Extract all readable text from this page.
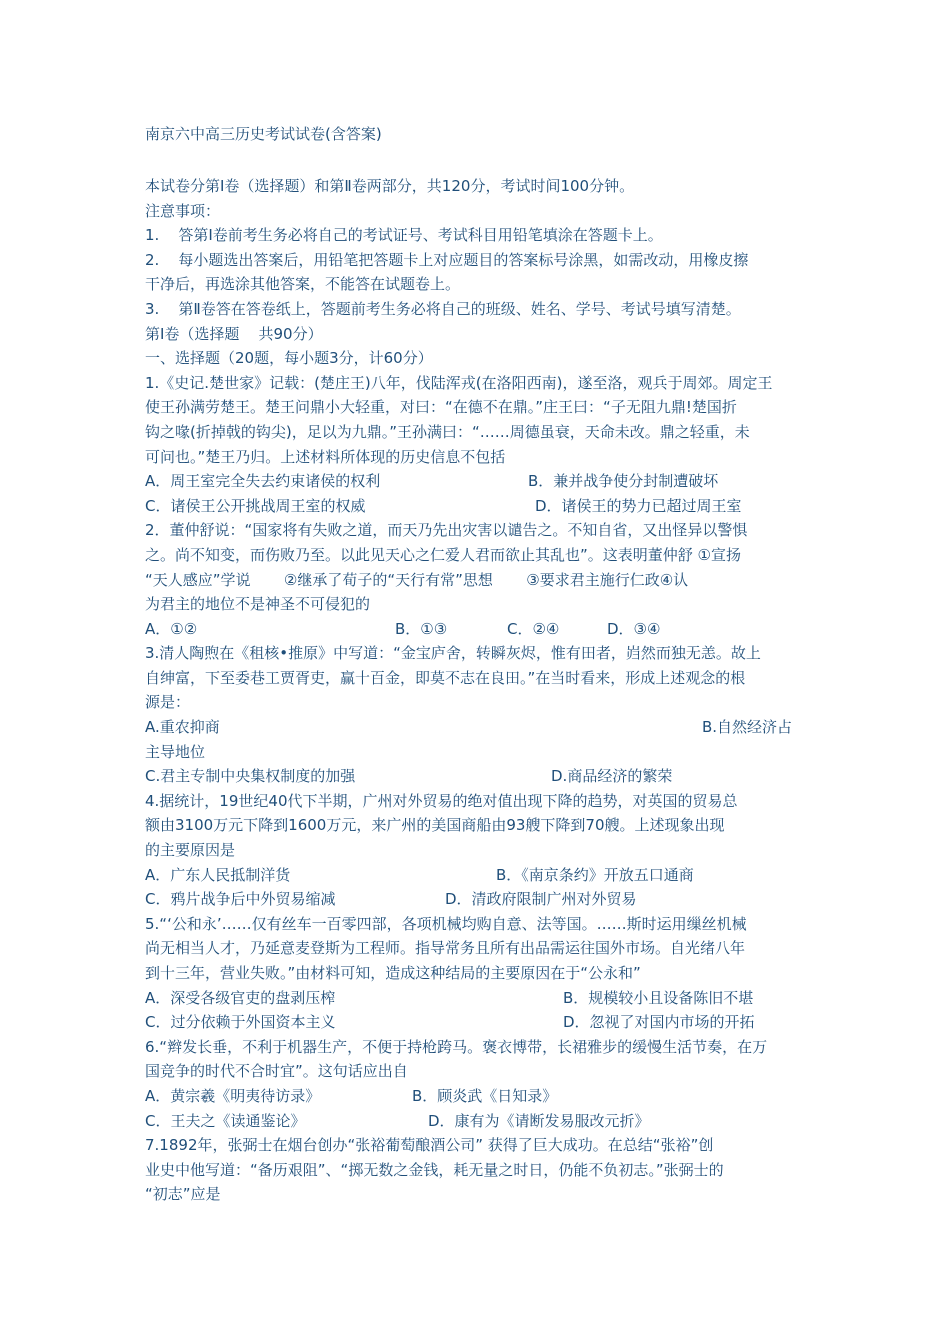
南京六中高三历史考试试卷(含答案)
本试卷分第Ⅰ卷（选择题）和第Ⅱ卷两部分，共120分，考试时间100分钟。
注意事项：
1.    答第Ⅰ卷前考生务必将自己的考试证号、考试科目用铅笔填涂在答题卡上。
2.    每小题选出答案后，用铅笔把答题卡上对应题目的答案标号涂黑，如需改动，用橡皮擦
干净后，再选涂其他答案，不能答在试题卷上。
3.    第Ⅱ卷答在答卷纸上，答题前考生务必将自己的班级、姓名、学号、考试号填写清楚。
第Ⅰ卷（选择题    共90分）
一、选择题（20题，每小题3分，计60分）
1.《史记.楚世家》记载：(楚庄王)八年，伐陆浑戎(在洛阳西南)，遂至洛，观兵于周郊。周定王
使王孙满劳楚王。楚王问鼎小大轻重，对曰：“在德不在鼎。”庄王曰：“子无阻九鼎!楚国折
钩之喙(折掉戟的钩尖)，足以为九鼎。”王孙满曰：“……周德虽衰，天命未改。鼎之轻重，未
可问也。”楚王乃归。上述材料所体现的历史信息不包括
A．周王室完全失去约束诸侯的权利	B．兼并战争使分封制遭破坏
C．诸侯王公开挑战周王室的权威	D．诸侯王的势力已超过周王室
2．董仲舒说：“国家将有失败之道，而天乃先出灾害以谴告之。不知自省，又出怪异以警惧
之。尚不知变，而伤败乃至。以此见天心之仁爱人君而欲止其乱也”。这表明董仲舒 ①宣扬
“天人感应”学说       ②继承了荀子的“天行有常”思想       ③要求君主施行仁政④认
为君主的地位不是神圣不可侵犯的
A．①②	B．①③	C．②④	D．③④
3.清人陶煦在《租核•推原》中写道：“金宝庐舍，转瞬灰烬，惟有田者，岿然而独无恙。故上
自绅富，下至委巷工贾胥吏，赢十百金，即莫不志在良田。”在当时看来，形成上述观念的根
源是：
A.重农抑商	B.自然经济占
主导地位
C.君主专制中央集权制度的加强	D.商品经济的繁荣
4.据统计，19世纪40代下半期，广州对外贸易的绝对值出现下降的趋势，对英国的贸易总
额由3100万元下降到1600万元，来广州的美国商船由93艘下降到70艘。上述现象出现
的主要原因是
A．广东人民抵制洋货	B．《南京条约》开放五口通商
C．鸦片战争后中外贸易缩减	D．清政府限制广州对外贸易
5.“‘公和永’……仅有丝车一百零四部，各项机械均购自意、法等国。……斯时运用缫丝机械
尚无相当人才，乃延意麦登斯为工程师。指导常务且所有出品需运往国外市场。自光绪八年
到十三年，营业失败。”由材料可知，造成这种结局的主要原因在于“公永和”
A．深受各级官吏的盘剥压榨	B．规模较小且设备陈旧不堪
C．过分依赖于外国资本主义	D．忽视了对国内市场的开拓
6.“辫发长垂，不利于机器生产，不便于持枪跨马。褒衣博带，长裙雅步的缓慢生活节奏，在万
国竞争的时代不合时宜”。这句话应出自
A．黄宗羲《明夷待访录》	B．顾炎武《日知录》
C．王夫之《读通鉴论》	D．康有为《请断发易服改元折》
7.1892年，张弼士在烟台创办“张裕葡萄酿酒公司” 获得了巨大成功。在总结“张裕”创
业史中他写道：“备历艰阻”、“掷无数之金钱，耗无量之时日，仍能不负初志。”张弼士的
“初志”应是
